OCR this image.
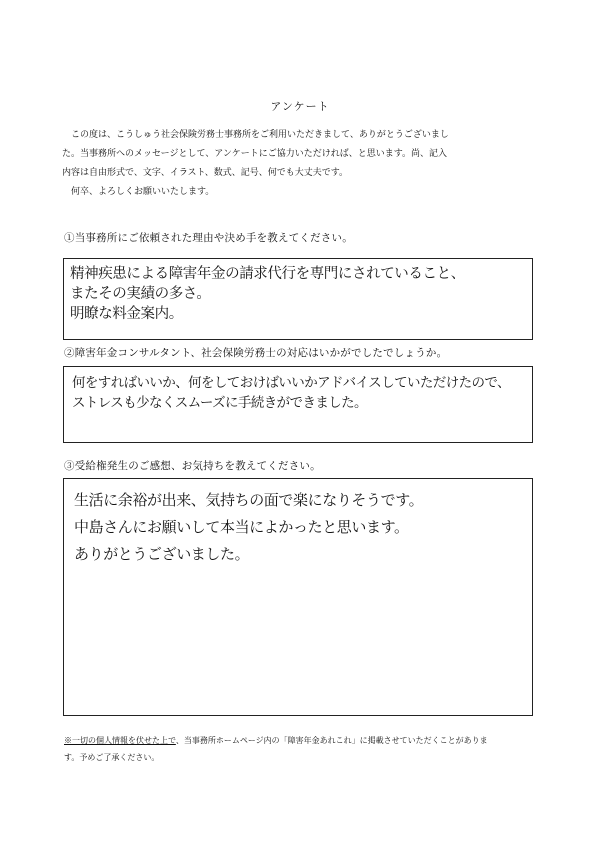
アンケート

この度は、こうしゅう社会保険労務士事務所をご利用いただきまして、ありがとうございまし

た。当事務所へのメッセージとして、アンケートにご協力いただければ、と思います。尚、記入

内容は自由形式で、文字、イラスト、数式、記号、何でも大丈夫です。

何卒、よろしくお願いいたします。

①当事務所にご依頼された理由や決め手を教えてください。
精神疾患による障害年金の請求代行を専門にされていること、
またその実績の多さ。
明瞭な料金案内。
②障害年金コンサルタント、社会保険労務士の対応はいかがでしたでしょうか。
何をすればいいか、何をしておけばいいかアドバイスしていただけたので、
ストレスも少なくスムーズに手続きができました。
③受給権発生のご感想、お気持ちを教えてください。
生活に余裕が出来、気持ちの面で楽になりそうです。
中島さんにお願いして本当によかったと思います。
ありがとうございました。

※一切の個人情報を伏せた上で、当事務所ホームページ内の「障害年金あれこれ」に掲載させていただくことがありま

す。予めご了承ください。
